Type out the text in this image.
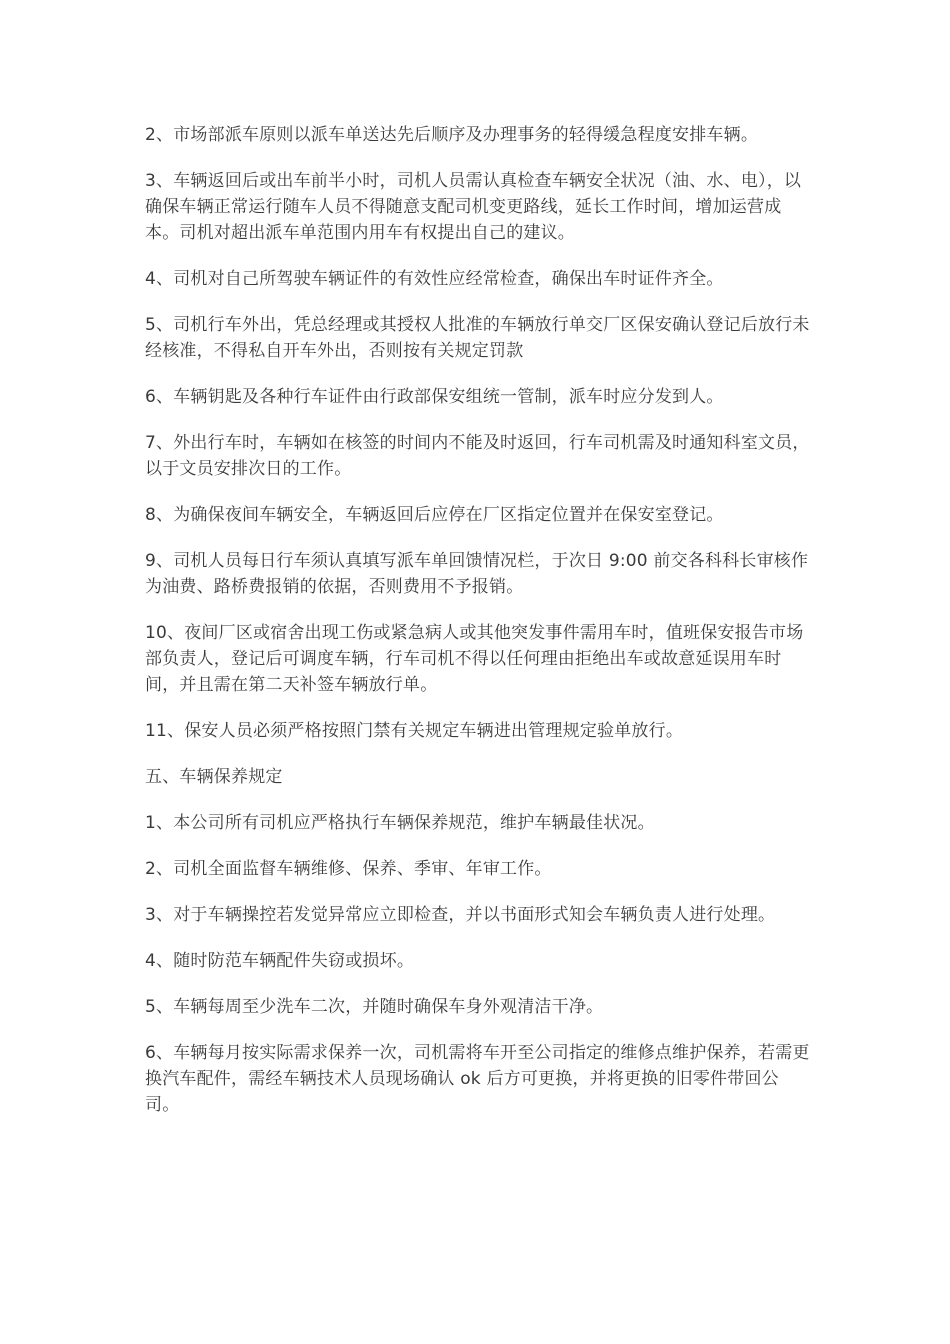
2、市场部派车原则以派车单送达先后顺序及办理事务的轻得缓急程度安排车辆。

3、车辆返回后或出车前半小时，司机人员需认真检查车辆安全状况（油、水、电），以确保车辆正常运行随车人员不得随意支配司机变更路线，延长工作时间，增加运营成本。司机对超出派车单范围内用车有权提出自己的建议。

4、司机对自己所驾驶车辆证件的有效性应经常检查，确保出车时证件齐全。

5、司机行车外出，凭总经理或其授权人批准的车辆放行单交厂区保安确认登记后放行未经核准，不得私自开车外出，否则按有关规定罚款

6、车辆钥匙及各种行车证件由行政部保安组统一管制，派车时应分发到人。

7、外出行车时，车辆如在核签的时间内不能及时返回，行车司机需及时通知科室文员，以于文员安排次日的工作。

8、为确保夜间车辆安全，车辆返回后应停在厂区指定位置并在保安室登记。

9、司机人员每日行车须认真填写派车单回馈情况栏，于次日 9:00 前交各科科长审核作为油费、路桥费报销的依据，否则费用不予报销。

10、夜间厂区或宿舍出现工伤或紧急病人或其他突发事件需用车时，值班保安报告市场部负责人，登记后可调度车辆，行车司机不得以任何理由拒绝出车或故意延误用车时间，并且需在第二天补签车辆放行单。

11、保安人员必须严格按照门禁有关规定车辆进出管理规定验单放行。

五、车辆保养规定

1、本公司所有司机应严格执行车辆保养规范，维护车辆最佳状况。

2、司机全面监督车辆维修、保养、季审、年审工作。

3、对于车辆操控若发觉异常应立即检查，并以书面形式知会车辆负责人进行处理。

4、随时防范车辆配件失窃或损坏。

5、车辆每周至少洗车二次，并随时确保车身外观清洁干净。

6、车辆每月按实际需求保养一次，司机需将车开至公司指定的维修点维护保养，若需更换汽车配件，需经车辆技术人员现场确认 ok 后方可更换，并将更换的旧零件带回公司。
